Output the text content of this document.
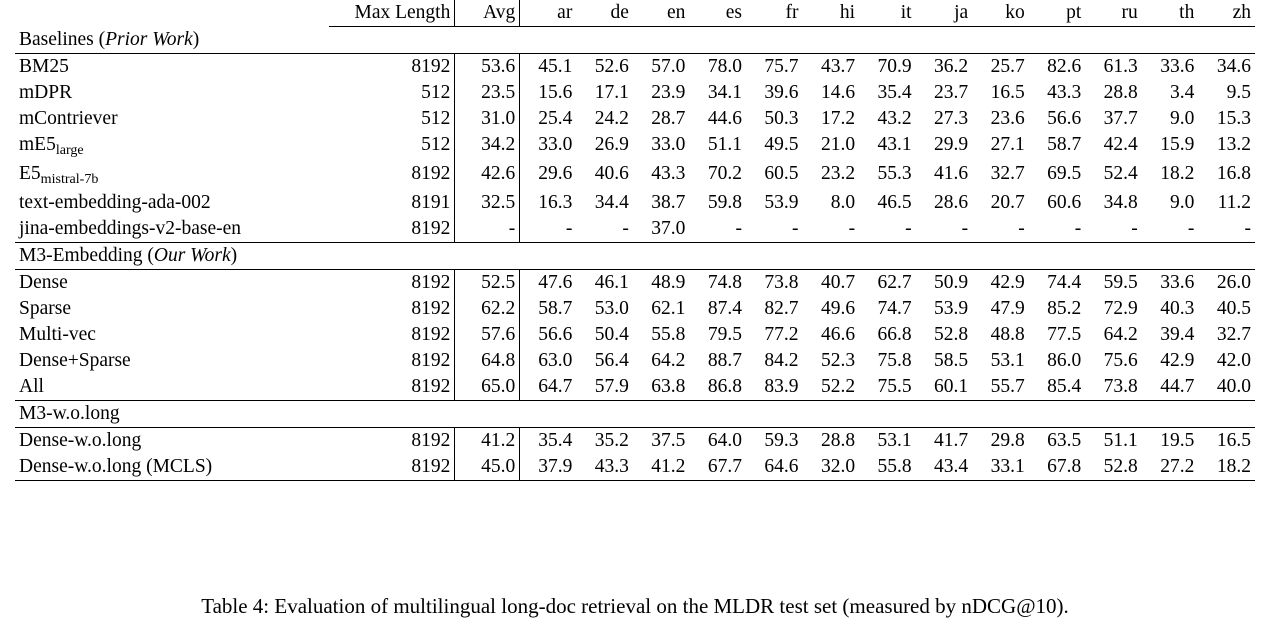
	Max Length	Avg	ar	de	en	es	fr	hi	it	ja	ko	pt	ru	th	zh
Baselines (Prior Work)															
BM25	8192	53.6	45.1	52.6	57.0	78.0	75.7	43.7	70.9	36.2	25.7	82.6	61.3	33.6	34.6
mDPR	512	23.5	15.6	17.1	23.9	34.1	39.6	14.6	35.4	23.7	16.5	43.3	28.8	3.4	9.5
mContriever	512	31.0	25.4	24.2	28.7	44.6	50.3	17.2	43.2	27.3	23.6	56.6	37.7	9.0	15.3
$mE5_{large}$	512	34.2	33.0	26.9	33.0	51.1	49.5	21.0	43.1	29.9	27.1	58.7	42.4	15.9	13.2
$E5_{mistral-7b}$	8192	42.6	29.6	40.6	43.3	70.2	60.5	23.2	55.3	41.6	32.7	69.5	52.4	18.2	16.8
text-embedding-ada-002	8191	32.5	16.3	34.4	38.7	59.8	53.9	8.0	46.5	28.6	20.7	60.6	34.8	9.0	11.2
jina-embeddings-v2-base-en	8192	-	-	-	37.0	-	-	-	-	-	-	-	-	-	-

M3-Embedding (Our Work)															
Dense	8192	52.5	47.6	46.1	48.9	74.8	73.8	40.7	62.7	50.9	42.9	74.4	59.5	33.6	26.0
Sparse	8192	62.2	58.7	53.0	62.1	87.4	82.7	49.6	74.7	53.9	47.9	85.2	72.9	40.3	40.5
Multi-vec	8192	57.6	56.6	50.4	55.8	79.5	77.2	46.6	66.8	52.8	48.8	77.5	64.2	39.4	32.7
Dense+Sparse	8192	64.8	63.0	56.4	64.2	88.7	84.2	52.3	75.8	58.5	53.1	86.0	75.6	42.9	42.0
All	8192	65.0	64.7	57.9	63.8	86.8	83.9	52.2	75.5	60.1	55.7	85.4	73.8	44.7	40.0

M3-w.o.long															
Dense-w.o.long	8192	41.2	35.4	35.2	37.5	64.0	59.3	28.8	53.1	41.7	29.8	63.5	51.1	19.5	16.5
Dense-w.o.long (MCLS)	8192	45.0	37.9	43.3	41.2	67.7	64.6	32.0	55.8	43.4	33.1	67.8	52.8	27.2	18.2
Table 4: Evaluation of multilingual long-doc retrieval on the MLDR test set (measured by nDCG@10).
